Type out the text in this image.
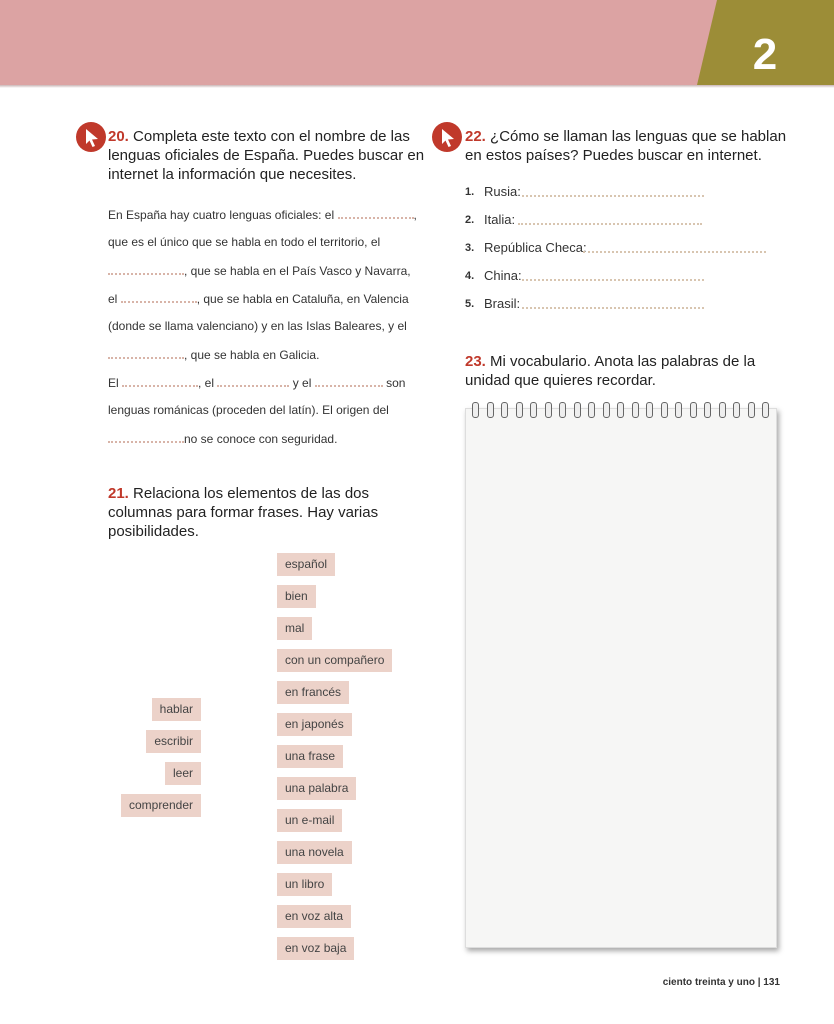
2
20. Completa este texto con el nombre de las
lenguas oficiales de España. Puedes buscar en
internet la información que necesites.
En España hay cuatro lenguas oficiales: el	,
que es el único que se habla en todo el territorio, el
, que se habla en el País Vasco y Navarra,
el	, que se habla en Cataluña, en Valencia
(donde se llama valenciano) y en las Islas Baleares, y el
, que se habla en Galicia.
El	, el	y el	son
lenguas románicas (proceden del latín). El origen del
no se conoce con seguridad.
21. Relaciona los elementos de las dos
columnas para formar frases. Hay varias
posibilidades.
hablar
escribir
leer
comprender
español
bien
mal
con un compañero
en francés
en japonés
una frase
una palabra
un e-mail
una novela
un libro
en voz alta
en voz baja
22. ¿Cómo se llaman las lenguas que se hablan
en estos países? Puedes buscar en internet.
1. Rusia:
2. Italia:
3. República Checa:
4. China:
5. Brasil:
23. Mi vocabulario. Anota las palabras de la
unidad que quieres recordar.
ciento treinta y uno | 131
